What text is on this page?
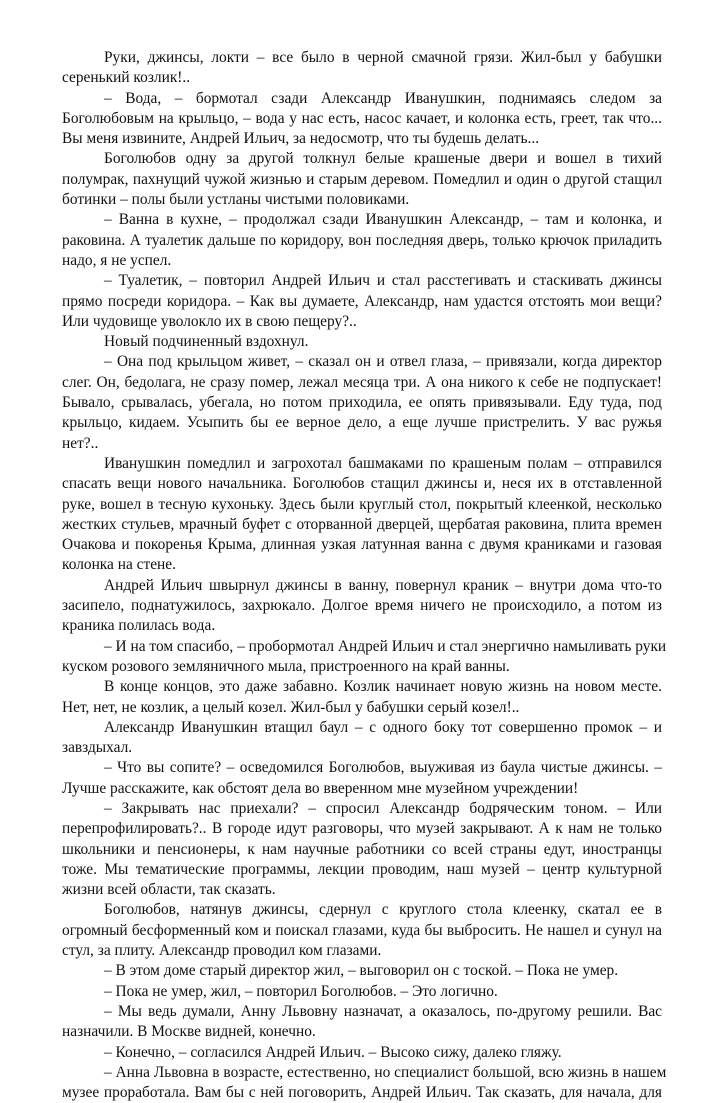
Руки, джинсы, локти – все было в черной смачной грязи. Жил-был у бабушки
серенький козлик!..
– Вода, – бормотал сзади Александр Иванушкин, поднимаясь следом за
Боголюбовым на крыльцо, – вода у нас есть, насос качает, и колонка есть, греет, так что...
Вы меня извините, Андрей Ильич, за недосмотр, что ты будешь делать...
Боголюбов одну за другой толкнул белые крашеные двери и вошел в тихий
полумрак, пахнущий чужой жизнью и старым деревом. Помедлил и один о другой стащил
ботинки – полы были устланы чистыми половиками.
– Ванна в кухне, – продолжал сзади Иванушкин Александр, – там и колонка, и
раковина. А туалетик дальше по коридору, вон последняя дверь, только крючок приладить
надо, я не успел.
– Туалетик, – повторил Андрей Ильич и стал расстегивать и стаскивать джинсы
прямо посреди коридора. – Как вы думаете, Александр, нам удастся отстоять мои вещи?
Или чудовище уволокло их в свою пещеру?..
Новый подчиненный вздохнул.
– Она под крыльцом живет, – сказал он и отвел глаза, – привязали, когда директор
слег. Он, бедолага, не сразу помер, лежал месяца три. А она никого к себе не подпускает!
Бывало, срывалась, убегала, но потом приходила, ее опять привязывали. Еду туда, под
крыльцо, кидаем. Усыпить бы ее верное дело, а еще лучше пристрелить. У вас ружья
нет?..
Иванушкин помедлил и загрохотал башмаками по крашеным полам – отправился
спасать вещи нового начальника. Боголюбов стащил джинсы и, неся их в отставленной
руке, вошел в тесную кухоньку. Здесь были круглый стол, покрытый клеенкой, несколько
жестких стульев, мрачный буфет с оторванной дверцей, щербатая раковина, плита времен
Очакова и покоренья Крыма, длинная узкая латунная ванна с двумя краниками и газовая
колонка на стене.
Андрей Ильич швырнул джинсы в ванну, повернул краник – внутри дома что-то
засипело, поднатужилось, захрюкало. Долгое время ничего не происходило, а потом из
краника полилась вода.
– И на том спасибо, – пробормотал Андрей Ильич и стал энергично намыливать руки
куском розового земляничного мыла, пристроенного на край ванны.
В конце концов, это даже забавно. Козлик начинает новую жизнь на новом месте.
Нет, нет, не козлик, а целый козел. Жил-был у бабушки серый козел!..
Александр Иванушкин втащил баул – с одного боку тот совершенно промок – и
завздыхал.
– Что вы сопите? – осведомился Боголюбов, выуживая из баула чистые джинсы. –
Лучше расскажите, как обстоят дела во вверенном мне музейном учреждении!
– Закрывать нас приехали? – спросил Александр бодряческим тоном. – Или
перепрофилировать?.. В городе идут разговоры, что музей закрывают. А к нам не только
школьники и пенсионеры, к нам научные работники со всей страны едут, иностранцы
тоже. Мы тематические программы, лекции проводим, наш музей – центр культурной
жизни всей области, так сказать.
Боголюбов, натянув джинсы, сдернул с круглого стола клеенку, скатал ее в
огромный бесформенный ком и поискал глазами, куда бы выбросить. Не нашел и сунул на
стул, за плиту. Александр проводил ком глазами.
– В этом доме старый директор жил, – выговорил он с тоской. – Пока не умер.
– Пока не умер, жил, – повторил Боголюбов. – Это логично.
– Мы ведь думали, Анну Львовну назначат, а оказалось, по-другому решили. Вас
назначили. В Москве видней, конечно.
– Конечно, – согласился Андрей Ильич. – Высоко сижу, далеко гляжу.
– Анна Львовна в возрасте, естественно, но специалист большой, всю жизнь в нашем
музее проработала. Вам бы с ней поговорить, Андрей Ильич. Так сказать, для начала, для
